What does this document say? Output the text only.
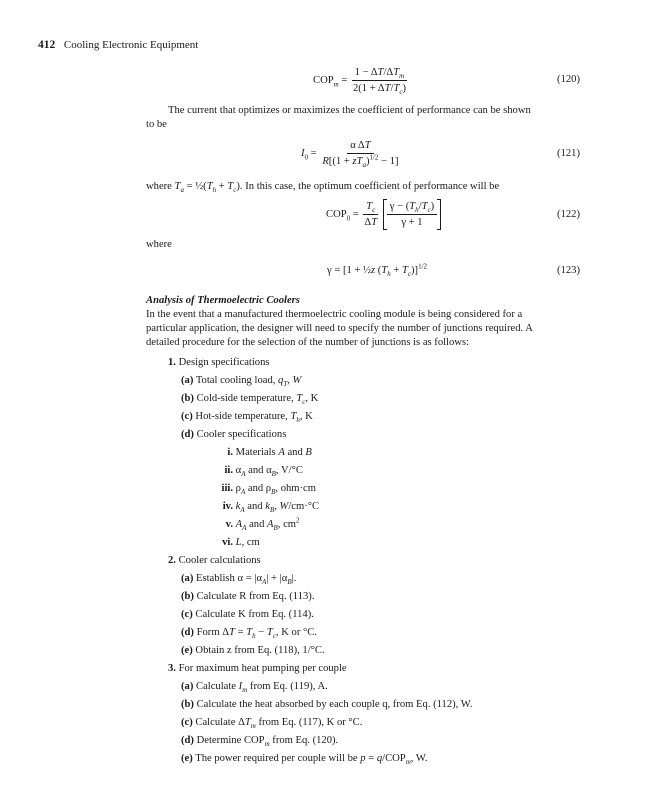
412 Cooling Electronic Equipment
$COP_m = \frac{1 - \Delta T/\Delta T_m}{2(1 + \Delta T/T_c)}$	(120)
The current that optimizes or maximizes the coefficient of performance can be shown
to be
$I_0 = \frac{\text{α ΔT}}{R[(1 + zT_a)^{1/2} - 1]}$	(121)
where $T_a$ = $\frac{1}{2}(T_h + T_c)$. In this case, the optimum coefficient of performance will be
$COP_0 = \frac{T_c}{\Delta T}$
$\frac{\gamma - (T_h/T_c)}{\gamma + 1}$	(122)
where
γ = [1 + ½z $(T_h + T_c)]^{1/2}$	(123)
Analysis of Thermoelectric Coolers
In the event that a manufactured thermoelectric cooling module is being considered for a
particular application, the designer will need to specify the number of junctions required. A
detailed procedure for the selection of the number of junctions is as follows:
1. Design specifications
(a) Total cooling load, $q_T$, W
(b) Cold-side temperature, $T_c$, K
(c) Hot-side temperature, $T_h$, K
(d) Cooler specifications
i. Materials A and B
ii. $\alpha_A$ and $\alpha_B$, V/°C
iii. $\rho_A$ and $\rho_B$, ohm·cm
iv. $k_A$ and $k_B$, W/cm·°C
v. $A_A$ and $A_B$, $cm^2$
vi. L, cm
2. Cooler calculations
(a) Establish $\alpha = |\alpha_A| + |\alpha_B|$.
(b) Calculate R from Eq. (113).
(c) Calculate K from Eq. (114).
(d) Form $\Delta T = T_h - T_c$, K or °C.
(e) Obtain z from Eq. (118), 1/°C.
3. For maximum heat pumping per couple
(a) Calculate $I_m$ from Eq. (119), A.
(b) Calculate the heat absorbed by each couple q, from Eq. (112), W.
(c) Calculate $\Delta T_m$ from Eq. (117), K or °C.
(d) Determine $COP_m$ from Eq. (120).
(e) The power required per couple will be $p = q/COP_m$, W.
